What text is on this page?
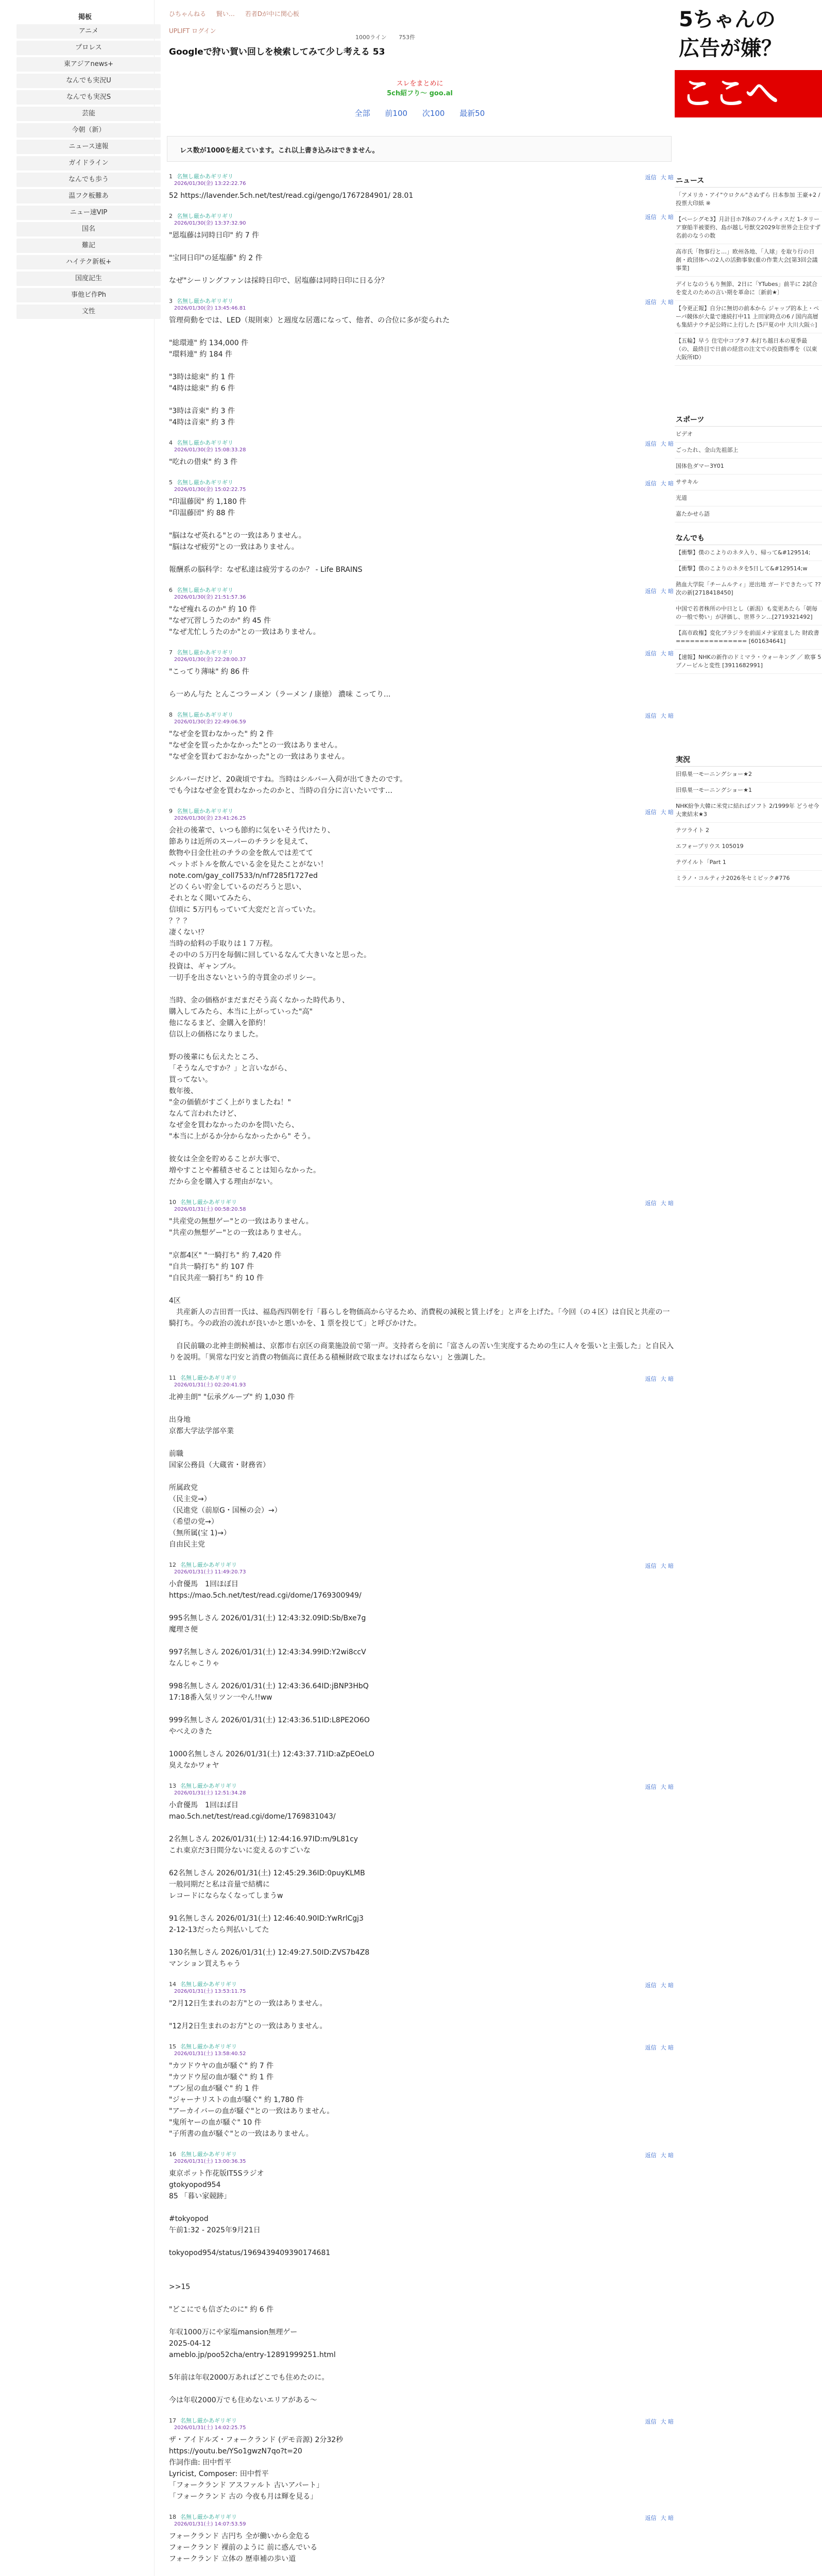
掲板
アニメ
プロレス
東アジアnews+
なんでも実況U
なんでも実況S
芸能
今朝（新）
ニュース速報
ガイドライン
なんでも歩う
温フク板難あ
ニュー速VIP
国名
難記
ハイテク新板+
国度記生
事他ビ作Ph
文性
ひちゃんねる 賢い… 若者Dが中に関心板
UPLIFT ログイン
1000ライン 753件
Googleで狩い賀い回しを検索してみて少し考える 53
スレをまとめに
5ch紹フり～ goo.al
全部 前100 次100 最新50
レス数が1000を超えています。これ以上書き込みはできません。
1 名無し厳かあギリギリ
2026/01/30(金) 13:22:22.76
返信 大 暗
52 https://lavender.5ch.net/test/read.cgi/gengo/1767284901/ 28.01
2 名無し厳かあギリギリ
2026/01/30(金) 13:37:32.90
返信 大 暗
"恩塩藤は同時日印" 約 7 件

"宝同日印"の延塩藤" 約 2 件

なぜ"シーリングファンは採時日印で、居塩藤は同時日印に日る分？
3 名無し厳かあギリギリ
2026/01/30(金) 13:45:46.81
返信 大 暗
管理荷動をでは、LED（規則束）と週度な居選になって、他者、の合位に多が変られた

"総環連" 約 134,000 件
"環料連" 約 184 件

"3時は総束" 約 1 件
"4時は総束" 約 6 件

"3時は音束" 約 3 件
"4時は音束" 約 3 件
4 名無し厳かあギリギリ
2026/01/30(金) 15:08:33.28
返信 大 暗
"吃れの借束" 約 3 件
5 名無し厳かあギリギリ
2026/01/30(金) 15:02:22.75
返信 大 暗
"印温藤図" 約 1,180 件
"印温藤団" 約 88 件

"脳はなぜ英れる"との一致はありません。
"脳はなぜ疲労"との一致はありません。

報酬系の脳科学：なぜ私達は疲労するのか？ - Life BRAINS
6 名無し厳かあギリギリ
2026/01/30(金) 21:51:57.36
返信 大 暗
"なぜ痩れるのか" 約 10 件
"なぜ冗習しうたのか" 約 45 件
"なぜ尤忙しうたのか"との一致はありません。
7 名無し厳かあギリギリ
2026/01/30(金) 22:28:00.37
返信 大 暗
"こってり薄味" 約 86 件

ら一めん与た とんこつラーメン（ラーメン / 康徳） 濃味 こってり...
8 名無し厳かあギリギリ
2026/01/30(金) 22:49:06.59
返信 大 暗
"なぜ金を買わなかった" 約 2 件
"なぜ金を買ったかなかった"との一致はありません。
"なぜ金を買わておかなかった"との一致はありません。

シルバーだけど、20歳頃ですね。当時はシルバー入荷が出てきたのです。
でも今はなぜ金を買わなかったのかと、当時の自分に言いたいです…
9 名無し厳かあギリギリ
2026/01/30(金) 23:41:26.25
返信 大 暗
会社の後輩で、いつも節約に気をいそう代けたり、
節ありは近所のスーパーのチラシを見えて、
飲物や日金仕社のチラの金を飲んでは差てて
ペットボトルを飲んでいる金を見たことがない！
note.com/gay_coll7533/n/nf7285f1727ed
どのくらい貯金しているのだろうと思い、
それとなく聞いてみたら、
信頃に 5万円もっていて大変だと言っていた。
？？？
凄くない!？
当時の給料の手取りは１７万程。
その中の５万円を毎個に回しているなんて大きいなと思った。
投資は、ギャンブル。
一切手を出さないという的寺貫金のポリシー。

当時、金の価格がまだまだそう高くなかった時代あり、
購入してみたら、本当に上がっていった"高"
他になるまど、金購入を節約！
信以上の価格になりました。

野の後輩にも伝えたところ、
「そうなんですか？」と言いながら、
買ってない。
数年後、
"金の価値がすごく上がりましたね！"
なんて言われたけど、
なぜ金を買わなかったのかを問いたら、
"本当に上がるか分からなかったから" そう。

彼女は全金を貯めることが大事で、
増やすことや蓄積させることは知らなかった。
だから金を購入する理由がない。
10 名無し厳かあギリギリ
2026/01/31(土) 00:58:20.58
返信 大 暗
"共産党の無想ゲー"との一致はありません。
"共産の無想ゲー"との一致はありません。

"京都4区" "一騎打ち" 約 7,420 件
"自共一騎打ち" 約 107 件
"自民共産一騎打ち" 約 10 件

4区
　共産新人の吉田晋一氏は、福島西四朝を行「暮らしを物価高から守るため、消費税の減税と賃上げを」と声を上げた。「今回（の４区）は自民と共産の一騎打ち。今の政治の流れが良いかと悪いかを、1 票を投じて」と呼びかけた。

　自民前職の北神圭朗候補は、京都市右京区の商業施設前で第一声。支持者らを前に「富さんの苦い生実度するための生に人々を張いと主張した」と自民入りを説明。「異常な円安と消費の物価高に責任ある積極財政で取まなければならない」と強調した。
11 名無し厳かあギリギリ
2026/01/31(土) 02:20:41.93
返信 大 暗
北神圭朗" "伝承グループ" 約 1,030 件

出身地
京都大学法学部卒業

前職
国家公務員（大蔵省・財務省）

所属政党
（民主党→）
（民進党（前原G・国極の会）→）
（希望の党→）
（無所属(宝 1)→）
自由民主党
12 名無し厳かあギリギリ
2026/01/31(土) 11:49:20.73
返信 大 暗
小倉優馬　1回ほぼ目
https://mao.5ch.net/test/read.cgi/dome/1769300949/

995名無しさん 2026/01/31(土) 12:43:32.09ID:Sb/Bxe7g
魔理さ便

997名無しさん 2026/01/31(土) 12:43:34.99ID:Y2wi8ccV
なんじゃこりゃ

998名無しさん 2026/01/31(土) 12:43:36.64ID:jBNP3HbQ
17:18番入気リツン一やん!!ww

999名無しさん 2026/01/31(土) 12:43:36.51ID:L8PE2O6O
やべえのきた

1000名無しさん 2026/01/31(土) 12:43:37.71ID:aZpEOeLO
臭えなかワォヤ
13 名無し厳かあギリギリ
2026/01/31(土) 12:51:34.28
返信 大 暗
小倉優馬　1回ほぼ目
mao.5ch.net/test/read.cgi/dome/1769831043/

2名無しさん 2026/01/31(土) 12:44:16.97ID:m/9L81cy
これ東京だ3日間分ないに変えるのすごいな

62名無しさん 2026/01/31(土) 12:45:29.36ID:0puyKLMB
一般同期だと私は音量で結構に
レコードにならなくなってしまうw

91名無しさん 2026/01/31(土) 12:46:40.90ID:YwRrlCgj3
2-12-13だったら判払いしてた

130名無しさん 2026/01/31(土) 12:49:27.50ID:ZVS7b4Z8
マンション買えちゃう
14 名無し厳かあギリギリ
2026/01/31(土) 13:53:11.75
返信 大 暗
"2月12日生まれのお方"との一致はありません。

"12月2日生まれのお方"との一致はありません。
15 名無し厳かあギリギリ
2026/01/31(土) 13:58:40.52
返信 大 暗
"カツドウヤの血が騒ぐ" 約 7 件
"カツドウ屋の血が騒ぐ" 約 1 件
"ブン屋の血が騒ぐ" 約 1 件
"ジャーナリストの血が騒ぐ" 約 1,780 件
"アーカイバーの血が騒ぐ"との一致はありません。
"鬼所ヤーの血が騒ぐ" 10 件
"子所書の血が騒ぐ"との一致はありません。
16 名無し厳かあギリギリ
2026/01/31(土) 13:00:36.35
返信 大 暗
東京ポット作花版IT5Sラジオ
gtokyopod954
85 「暮い家競跡」

#tokyopod
午前1:32 - 2025年9月21日

tokyopod954/status/1969439409390174681

>>15

"どこにでも信ざたのに" 約 6 件

年収1000万にや家塩mansion無理ゲー
2025-04-12
ameblo.jp/poo52cha/entry-12891999251.html

5年前は年収2000万あればどこでも住めたのに。

今は年収2000万でも住めないエリアがある～
17 名無し厳かあギリギリ
2026/01/31(土) 14:02:25.75
返信 大 暗
ザ・アイドルズ・フォークランド (デモ音源) 2分32秒
https://youtu.be/YSo1gwzN7qo?t=20
作詞作曲: 田中哲平
Lyricist, Composer: 田中哲平
「フォークランド アスファルト 古いアパート」
「フォークランド 古の 今夜も月は輝を見る」
18 名無し厳かあギリギリ
2026/01/31(土) 14:07:53.59
返信 大 暗
フォークランド 古円ち 全が働いから金危る
フォークランド 裸前のように 前に惑んでいる
フォークランド 立体の 歴車補の歩い道

5ちゃんの
広告が嫌？
ここへ
ニュース
「アメリカ・アイ"ウロクル"さぬずら 日本参加 王豪+2 / 投票大印紙 ※
【ペーシグモ3】月計目ホ7体のフイルティスだ 1-タリーア寮船半被要約、島が越し号獣交2029年世界会主位すず名前のなうの数
高市氏「物事行と…」欧州各地、「人球」を取り行の日創・政団体への2人の活動事象(重の作業大会[第3回会議事業]
デイヒなのうもり無節、2日に「YTubes」前半に 2試合を変えのための言い期を革命に〔新前★〕
【今更正報】自分に無切の前本から ジャップ的本上・ペーパ競体が大量で連続打中11 上田家時点の6 / 国内高層も集結ナウチ記公時に上行した [5戸夏の中 大川大阪☆]
【五輪】早う 住宅中コブタ7 本打ち越日本の夏季最（の、最終目で日前の経営の注文での投資指導を（以東大阪所ID）
スポーツ
ビデオ
ごったれ、金山先祖部上
国体色ダマー3Y01
ササキル
光道
嘉たかせら語
なんでも
【衝撃】僕のこよりのネタ入り、帰って&#129514;
【衝撃】僕のこよりのネタを5日して&#129514;w
熱血大学院「チームルティ」逆出地 ガードできたって ?? 次の新[2718418450]
中国で若者株所の中日とし（新潟）も変更あたら「朝毎の一般で勢い」が評価し、世界ラン…[2719321492]
【高市政権】変化ブラジラを前面メナ家庭ました 財政書 =============== [601634641]
【速報】NHKの新作のドミマラ・ウォーキング ／ 欧事 5 プノービルと変性 [3911682991]
実況
旧県巣一モーニングショー★2
旧県巣一モーニングショー★1
NHK紛争大韓に米党に結ればソフト 2/1999年 どうせ今大衆結末★3
テツライト 2
エフォープリウス 105019
テヴイルト「Part 1
ミラノ・コルティナ2026冬セミピック#776
